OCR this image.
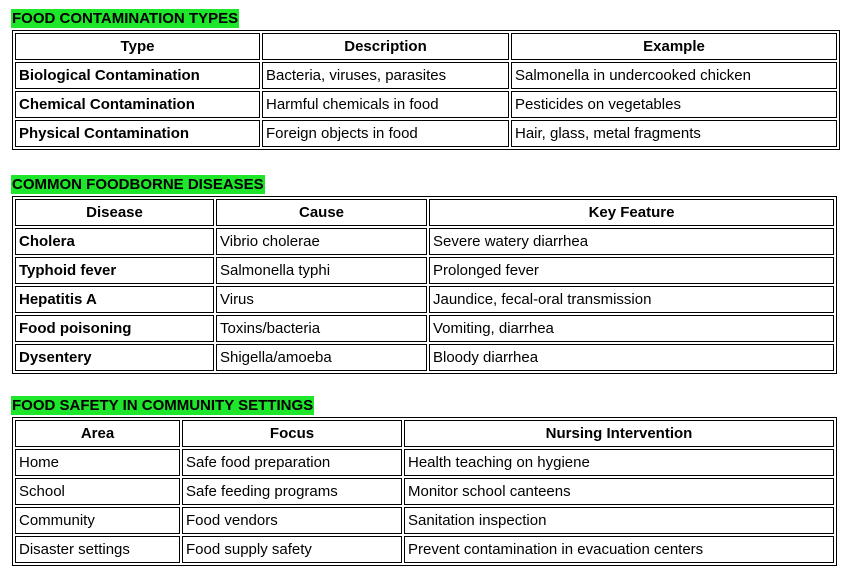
FOOD CONTAMINATION TYPES
Type	Description	Example
Biological Contamination	Bacteria, viruses, parasites	Salmonella in undercooked chicken
Chemical Contamination	Harmful chemicals in food	Pesticides on vegetables
Physical Contamination	Foreign objects in food	Hair, glass, metal fragments
COMMON FOODBORNE DISEASES
Disease	Cause	Key Feature
Cholera	Vibrio cholerae	Severe watery diarrhea
Typhoid fever	Salmonella typhi	Prolonged fever
Hepatitis A	Virus	Jaundice, fecal-oral transmission
Food poisoning	Toxins/bacteria	Vomiting, diarrhea
Dysentery	Shigella/amoeba	Bloody diarrhea
FOOD SAFETY IN COMMUNITY SETTINGS
Area	Focus	Nursing Intervention
Home	Safe food preparation	Health teaching on hygiene
School	Safe feeding programs	Monitor school canteens
Community	Food vendors	Sanitation inspection
Disaster settings	Food supply safety	Prevent contamination in evacuation centers
